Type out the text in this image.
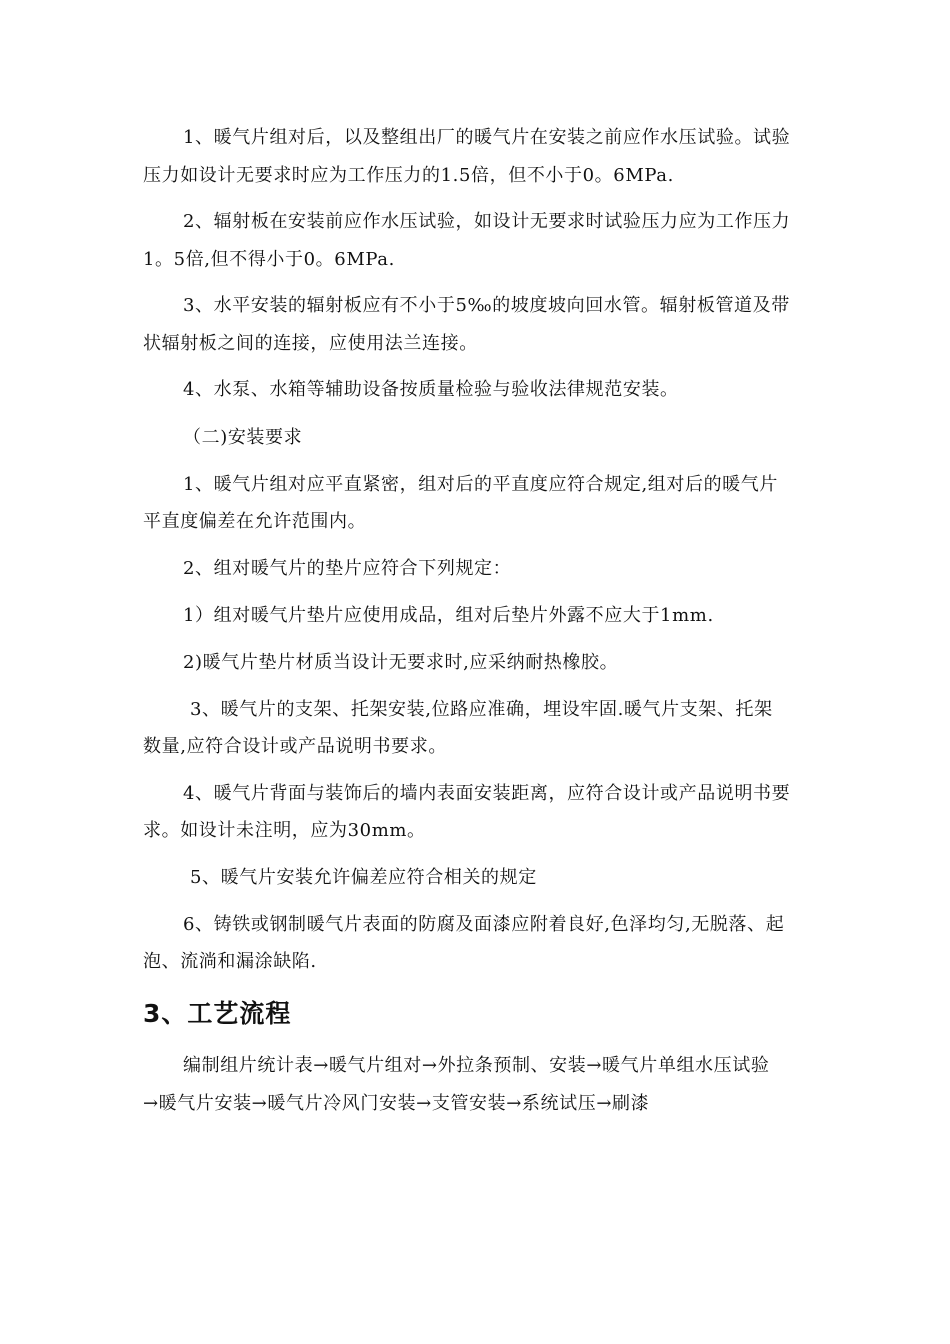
1、暖气片组对后，以及整组出厂的暖气片在安装之前应作水压试验。试验
压力如设计无要求时应为工作压力的1.5倍，但不小于0。6MPa.
2、辐射板在安装前应作水压试验，如设计无要求时试验压力应为工作压力
1。5倍,但不得小于0。6MPa.
3、水平安装的辐射板应有不小于5‰的坡度坡向回水管。辐射板管道及带
状辐射板之间的连接，应使用法兰连接。
4、水泵、水箱等辅助设备按质量检验与验收法律规范安装。
（二)安装要求
1、暖气片组对应平直紧密，组对后的平直度应符合规定,组对后的暖气片
平直度偏差在允许范围内。
2、组对暖气片的垫片应符合下列规定：
1）组对暖气片垫片应使用成品，组对后垫片外露不应大于1mm.
2)暖气片垫片材质当设计无要求时,应采纳耐热橡胶。
3、暖气片的支架、托架安装,位路应准确，埋设牢固.暖气片支架、托架
数量,应符合设计或产品说明书要求。
4、暖气片背面与装饰后的墙内表面安装距离，应符合设计或产品说明书要
求。如设计未注明，应为30mm。
5、暖气片安装允许偏差应符合相关的规定
6、铸铁或钢制暖气片表面的防腐及面漆应附着良好,色泽均匀,无脱落、起
泡、流淌和漏涂缺陷.
3、工艺流程
编制组片统计表→暖气片组对→外拉条预制、安装→暖气片单组水压试验
→暖气片安装→暖气片冷风门安装→支管安装→系统试压→刷漆
